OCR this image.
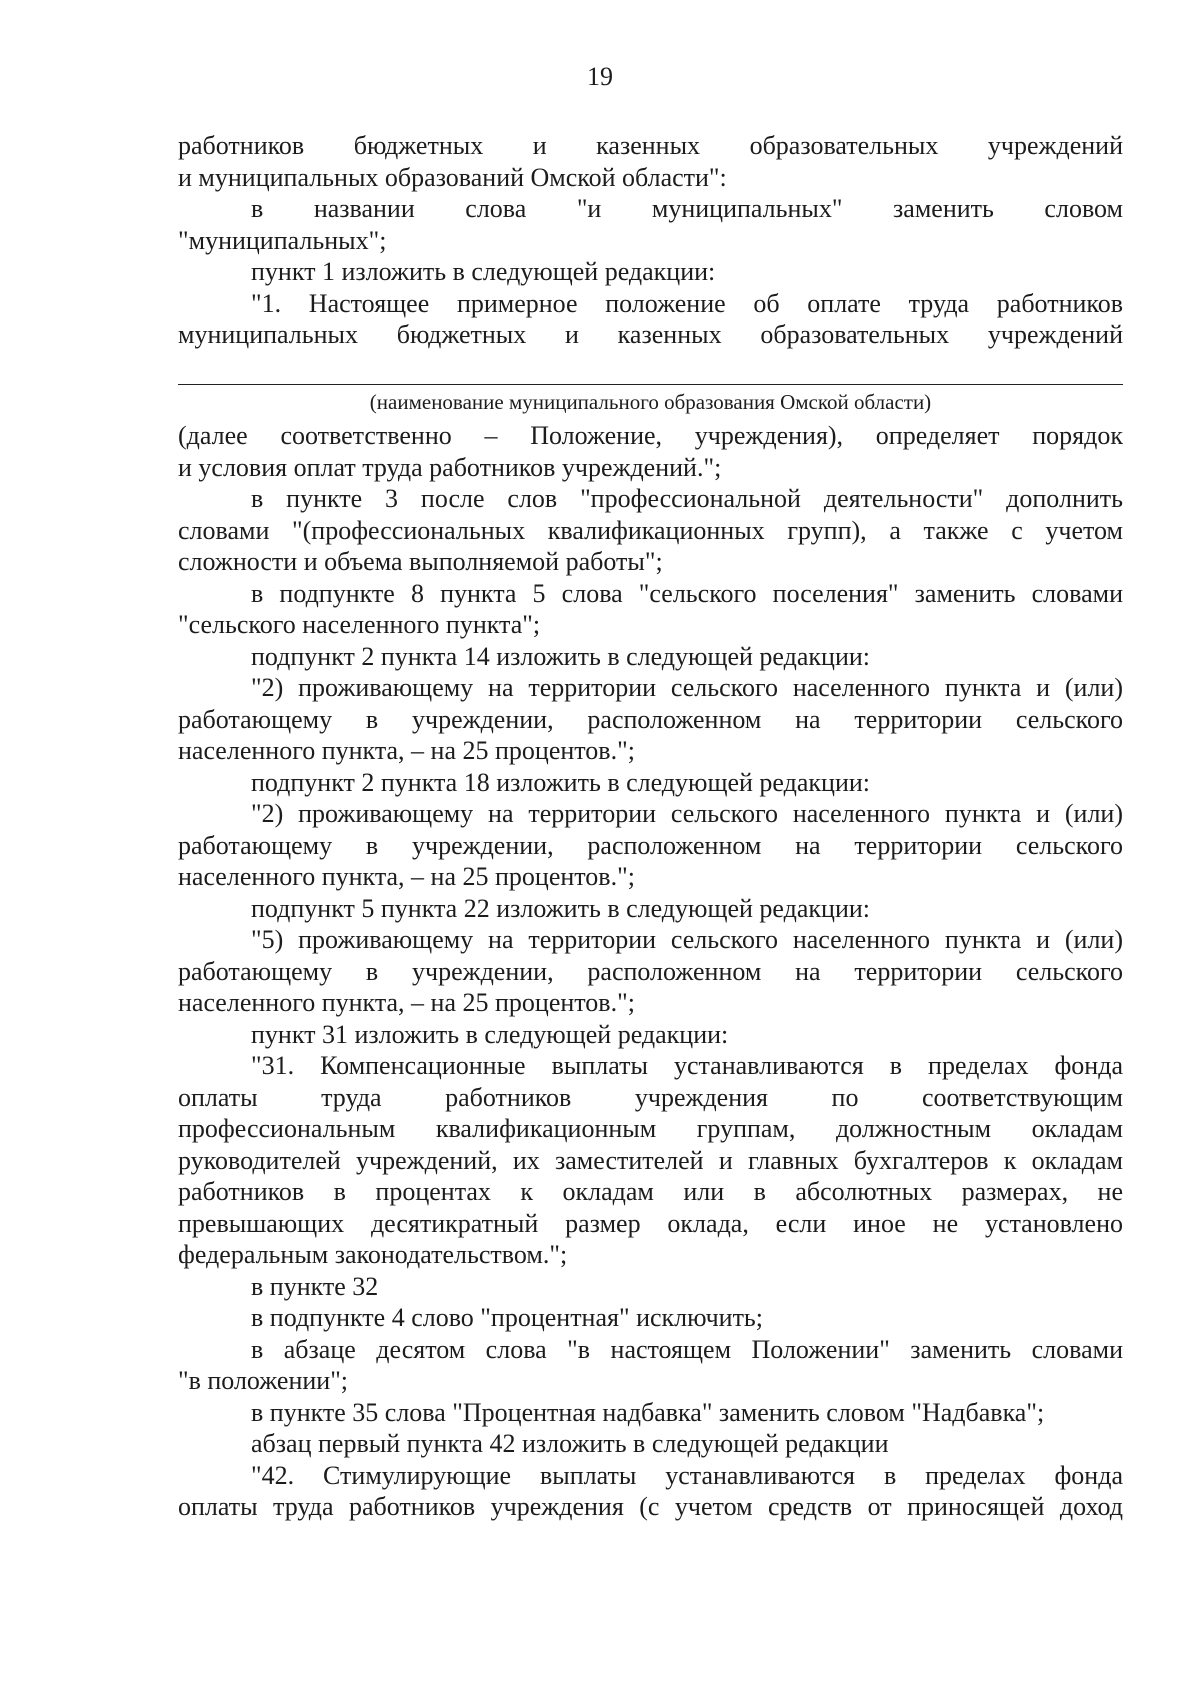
19

работников бюджетных и казенных образовательных учреждений

и муниципальных образований Омской области":

в названии слова "и муниципальных" заменить словом

"муниципальных";

пункт 1 изложить в следующей редакции:

"1. Настоящее примерное положение об оплате труда работников

муниципальных бюджетных и казенных образовательных учреждений

(наименование муниципального образования Омской области)

(далее соответственно – Положение, учреждения), определяет порядок

и условия оплат труда работников учреждений.";

в пункте 3 после слов "профессиональной деятельности" дополнить

словами "(профессиональных квалификационных групп), а также с учетом

сложности и объема выполняемой работы";

в подпункте 8 пункта 5 слова "сельского поселения" заменить словами

"сельского населенного пункта";

подпункт 2 пункта 14 изложить в следующей редакции:

"2) проживающему на территории сельского населенного пункта и (или)

работающему в учреждении, расположенном на территории сельского

населенного пункта, – на 25 процентов.";

подпункт 2 пункта 18 изложить в следующей редакции:

"2) проживающему на территории сельского населенного пункта и (или)

работающему в учреждении, расположенном на территории сельского

населенного пункта, – на 25 процентов.";

подпункт 5 пункта 22 изложить в следующей редакции:

"5) проживающему на территории сельского населенного пункта и (или)

работающему в учреждении, расположенном на территории сельского

населенного пункта, – на 25 процентов.";

пункт 31 изложить в следующей редакции:

"31. Компенсационные выплаты устанавливаются в пределах фонда

оплаты труда работников учреждения по соответствующим

профессиональным квалификационным группам, должностным окладам

руководителей учреждений, их заместителей и главных бухгалтеров к окладам

работников в процентах к окладам или в абсолютных размерах, не

превышающих десятикратный размер оклада, если иное не установлено

федеральным законодательством.";

в пункте 32

в подпункте 4 слово "процентная" исключить;

в абзаце десятом слова "в настоящем Положении" заменить словами

"в положении";

в пункте 35 слова "Процентная надбавка" заменить словом "Надбавка";

абзац первый пункта 42 изложить в следующей редакции

"42. Стимулирующие выплаты устанавливаются в пределах фонда

оплаты труда работников учреждения (с учетом средств от приносящей доход
